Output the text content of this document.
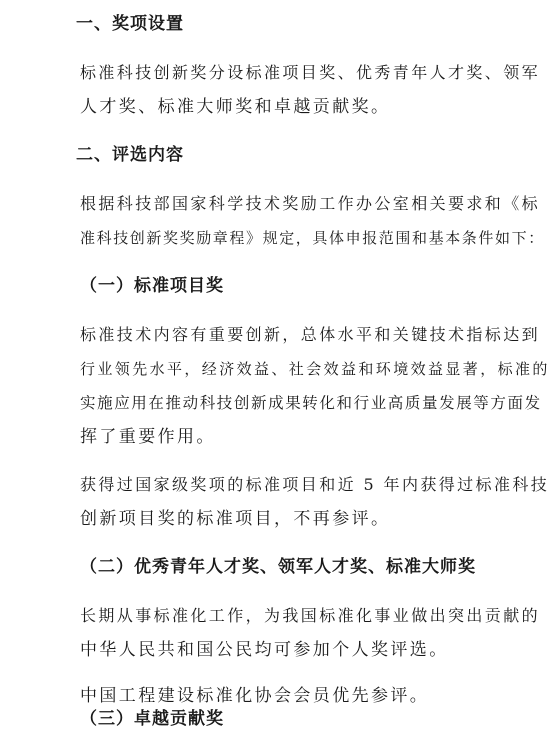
一、奖项设置
标准科技创新奖分设标准项目奖、优秀青年人才奖、领军
人才奖、标准大师奖和卓越贡献奖。
二、评选内容
根据科技部国家科学技术奖励工作办公室相关要求和《标
准科技创新奖奖励章程》规定，具体申报范围和基本条件如下：
（一）标准项目奖
标准技术内容有重要创新，总体水平和关键技术指标达到
行业领先水平，经济效益、社会效益和环境效益显著，标准的
实施应用在推动科技创新成果转化和行业高质量发展等方面发
挥了重要作用。
获得过国家级奖项的标准项目和近 5 年内获得过标准科技
创新项目奖的标准项目，不再参评。
（二）优秀青年人才奖、领军人才奖、标准大师奖
长期从事标准化工作，为我国标准化事业做出突出贡献的
中华人民共和国公民均可参加个人奖评选。
中国工程建设标准化协会会员优先参评。
（三）卓越贡献奖
